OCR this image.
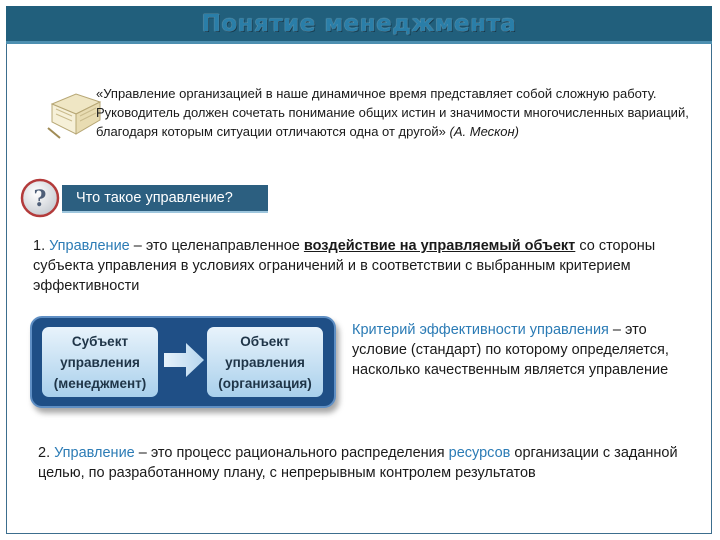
Понятие менеджмента
«Управление организацией в наше динамичное время представляет собой сложную работу. Руководитель должен сочетать понимание общих истин и значимости многочисленных вариаций, благодаря которым ситуации отличаются одна от другой» (А. Мескон)
? Что такое управление?
1. Управление – это целенаправленное воздействие на управляемый объект со стороны субъекта управления в условиях ограничений и в соответствии с выбранным критерием эффективности
Субъект
управления
(менеджмент)
Объект
управления
(организация)
Критерий эффективности управления – это условие (стандарт) по которому определяется, насколько качественным является управление
2. Управление – это процесс рационального распределения ресурсов организации с заданной целью, по разработанному плану, с непрерывным контролем результатов
